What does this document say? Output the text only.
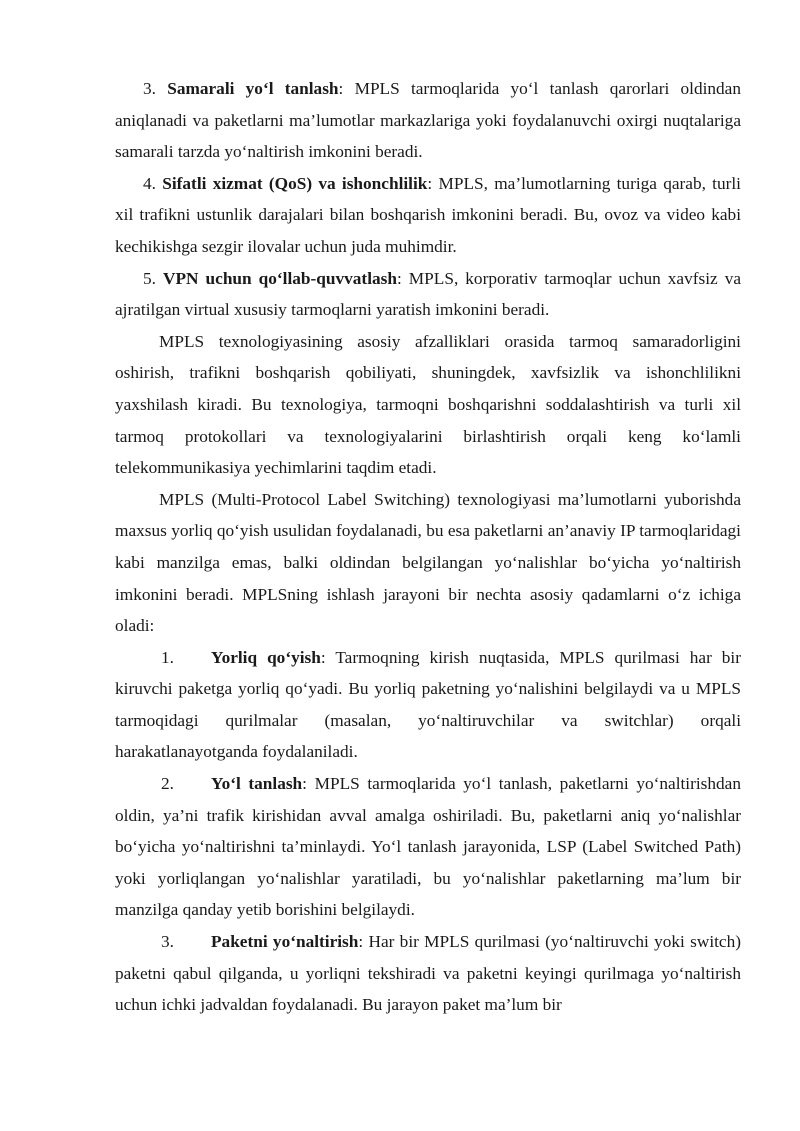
3. Samarali yo‘l tanlash: MPLS tarmoqlarida yo‘l tanlash qarorlari oldindan aniqlanadi va paketlarni ma’lumotlar markazlariga yoki foydalanuvchi oxirgi nuqtalariga samarali tarzda yo‘naltirish imkonini beradi.

4. Sifatli xizmat (QoS) va ishonchlilik: MPLS, ma’lumotlarning turiga qarab, turli xil trafikni ustunlik darajalari bilan boshqarish imkonini beradi. Bu, ovoz va video kabi kechikishga sezgir ilovalar uchun juda muhimdir.

5. VPN uchun qo‘llab-quvvatlash: MPLS, korporativ tarmoqlar uchun xavfsiz va ajratilgan virtual xususiy tarmoqlarni yaratish imkonini beradi.

MPLS texnologiyasining asosiy afzalliklari orasida tarmoq samaradorligini oshirish, trafikni boshqarish qobiliyati, shuningdek, xavfsizlik va ishonchlilikni yaxshilash kiradi. Bu texnologiya, tarmoqni boshqarishni soddalashtirish va turli xil tarmoq protokollari va texnologiyalarini birlashtirish orqali keng ko‘lamli telekommunikasiya yechimlarini taqdim etadi.

MPLS (Multi-Protocol Label Switching) texnologiyasi ma’lumotlarni yuborishda maxsus yorliq qo‘yish usulidan foydalanadi, bu esa paketlarni an’anaviy IP tarmoqlaridagi kabi manzilga emas, balki oldindan belgilangan yo‘nalishlar bo‘yicha yo‘naltirish imkonini beradi. MPLSning ishlash jarayoni bir nechta asosiy qadamlarni o‘z ichiga oladi:

1. Yorliq qo‘yish: Tarmoqning kirish nuqtasida, MPLS qurilmasi har bir kiruvchi paketga yorliq qo‘yadi. Bu yorliq paketning yo‘nalishini belgilaydi va u MPLS tarmoqidagi qurilmalar (masalan, yo‘naltiruvchilar va switchlar) orqali harakatlanayotganda foydalaniladi.

2. Yo‘l tanlash: MPLS tarmoqlarida yo‘l tanlash, paketlarni yo‘naltirishdan oldin, ya’ni trafik kirishidan avval amalga oshiriladi. Bu, paketlarni aniq yo‘nalishlar bo‘yicha yo‘naltirishni ta’minlaydi. Yo‘l tanlash jarayonida, LSP (Label Switched Path) yoki yorliqlangan yo‘nalishlar yaratiladi, bu yo‘nalishlar paketlarning ma’lum bir manzilga qanday yetib borishini belgilaydi.

3. Paketni yo‘naltirish: Har bir MPLS qurilmasi (yo‘naltiruvchi yoki switch) paketni qabul qilganda, u yorliqni tekshiradi va paketni keyingi qurilmaga yo‘naltirish uchun ichki jadvaldan foydalanadi. Bu jarayon paket ma’lum bir
